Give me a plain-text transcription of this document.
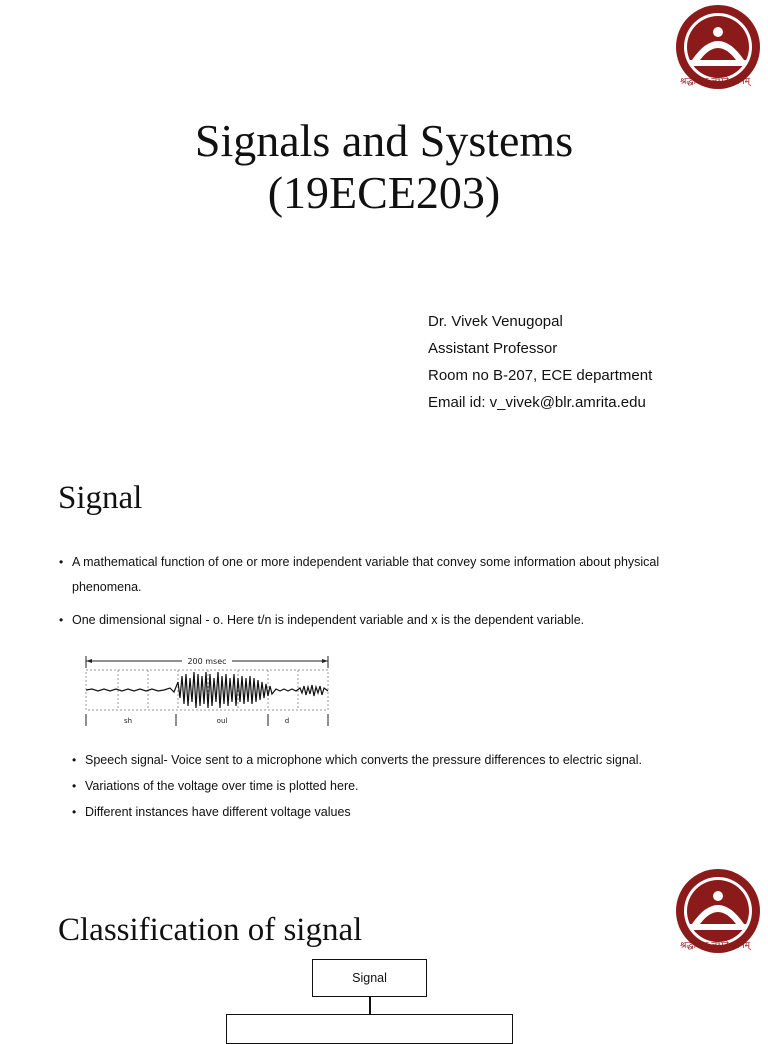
श्रद्धावान् लभते ज्ञानम्
Signals and Systems
(19ECE203)
Dr. Vivek Venugopal
Assistant Professor
Room no B-207, ECE department
Email id: v_vivek@blr.amrita.edu
Signal
• A mathematical function of one or more independent variable that convey some information about physical phenomena.
• One dimensional signal - o. Here t/n is independent variable and x is the dependent variable.
200 msec
sh	oul	d
• Speech signal- Voice sent to a microphone which converts the pressure differences to electric signal.
• Variations of the voltage over time is plotted here.
• Different instances have different voltage values
श्रद्धावान् लभते ज्ञानम्
Classification of signal
Signal
